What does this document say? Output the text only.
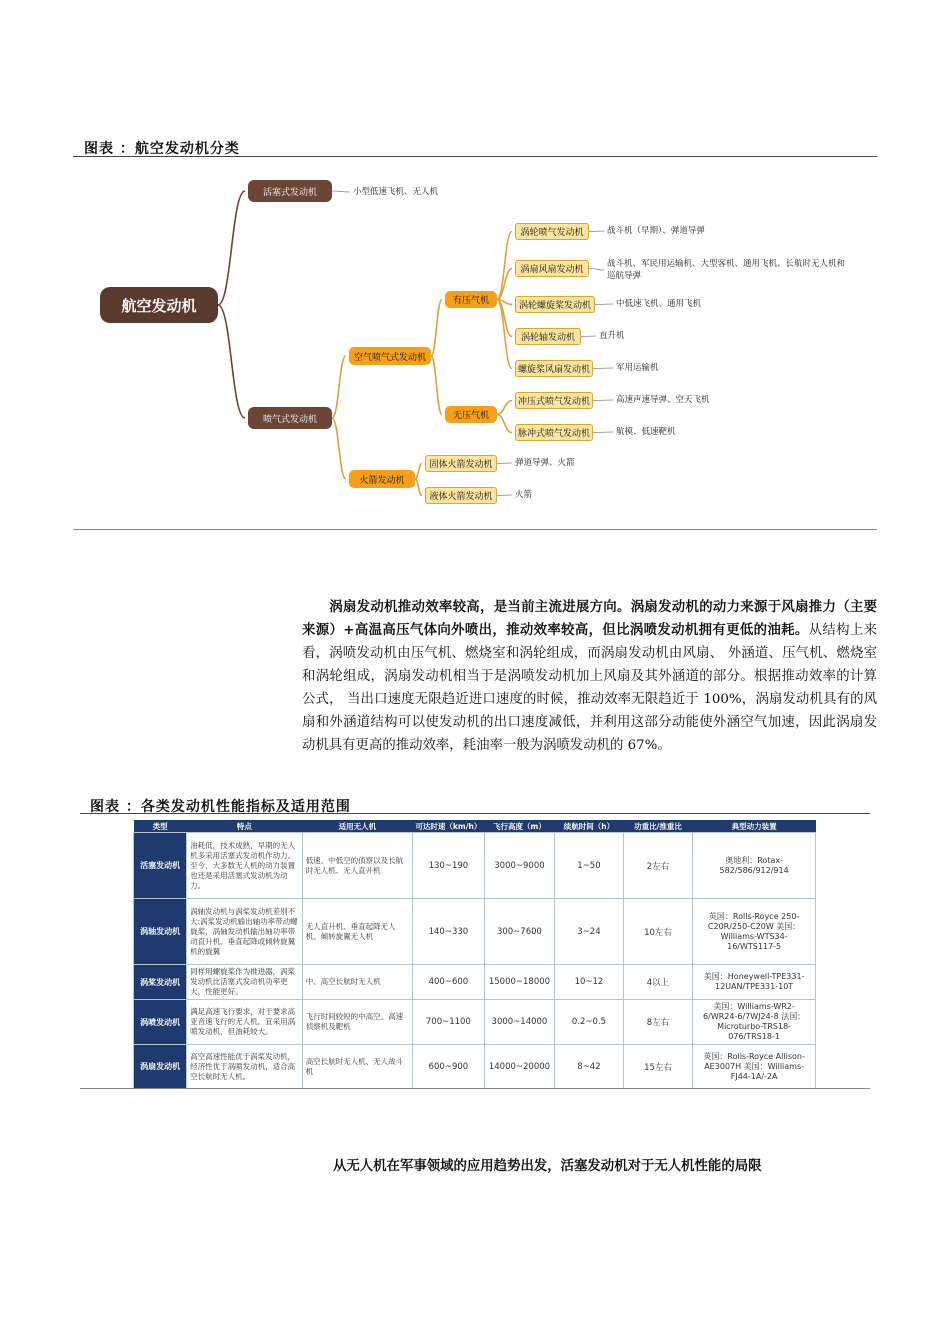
图表 ：航空发动机分类
航空发动机
活塞式发动机	小型低速飞机、无人机
喷气式发动机
空气喷气式发动机
火箭发动机
有压气机
无压气机
涡轮喷气发动机	战斗机（早期）、弹道导弹
涡扇风扇发动机
战斗机、军民用运输机、大型客机、通用飞机、长航时无人机和巡航导弹
涡轮螺旋桨发动机	中低速飞机、通用飞机
涡轮轴发动机	直升机
螺旋桨风扇发动机	军用运输机
冲压式喷气发动机	高速声速导弹、空天飞机
脉冲式喷气发动机	航模、低速靶机
固体火箭发动机	弹道导弹、火箭
液体火箭发动机	火箭
涡扇发动机推动效率较高，是当前主流进展方向。涡扇发动机的动力来源于风扇推力（主要来源）+高温高压气体向外喷出，推动效率较高，但比涡喷发动机拥有更低的油耗。从结构上来看，涡喷发动机由压气机、燃烧室和涡轮组成，而涡扇发动机由风扇、 外涵道、压气机、燃烧室和涡轮组成，涡扇发动机相当于是涡喷发动机加上风扇及其外涵道的部分。根据推动效率的计算公式， 当出口速度无限趋近进口速度的时候，推动效率无限趋近于 100%，涡扇发动机具有的风扇和外涵道结构可以使发动机的出口速度减低，并利用这部分动能使外涵空气加速，因此涡扇发动机具有更高的推动效率，耗油率一般为涡喷发动机的 67%。
图表 ：各类发动机性能指标及适用范围
类型	特点	适用无人机	可达时速（km/h）	飞行高度（m）	续航时间（h）	功重比/推重比	典型动力装置
活塞发动机	油耗低，技术成熟，早期的无人机多采用活塞式发动机作动力。至今，大多数无人机的动力装置也还是采用活塞式发动机为动力。	低速、中低空的侦察以及长航时无人机、无人直升机	130~190	3000~9000	1~50	2左右	奥地利：Rotax-582/586/912/914
涡轴发动机	涡轴发动机与涡桨发动机差别不大:涡桨发动机输出轴功率带动螺旋桨，涡轴发动机输出轴功率带动直升机、垂直起降或倾转旋翼机的旋翼	无人直升机、垂直起降无人机、倾转旋翼无人机	140~330	300~7600	3~24	10左右	英国：Rolls-Royce 250-C20R/250-C20W 美国：Williams-WTS34-16/WTS117-5
涡桨发动机	同样用螺旋桨作为推进器，涡桨发动机比活塞式发动机功率更大，性能更好。	中、高空长航时无人机	400~600	15000~18000	10~12	4以上	美国：Honeywell-TPE331-12UAN/TPE331-10T
涡喷发动机	满足高速飞行要求，对于要求高亚音速飞行的无人机，宜采用涡喷发动机，但油耗较大。	飞行时间较短的中高空、高速侦察机及靶机	700~1100	3000~14000	0.2~0.5	8左右	美国：Williams-WR2-6/WR24-6/7WJ24-8 法国：Microturbo-TRS18-076/TRS18-1
涡扇发动机	高空高速性能优于涡桨发动机，经济性优于涡喷发动机，适合高空长航时无人机。	高空长航时无人机、无人战斗机	600~900	14000~20000	8~42	15左右	英国：Rolls-Royce Allison-AE3007H 美国：Williams-FJ44-1A/-2A
从无人机在军事领域的应用趋势出发，活塞发动机对于无人机性能的局限
